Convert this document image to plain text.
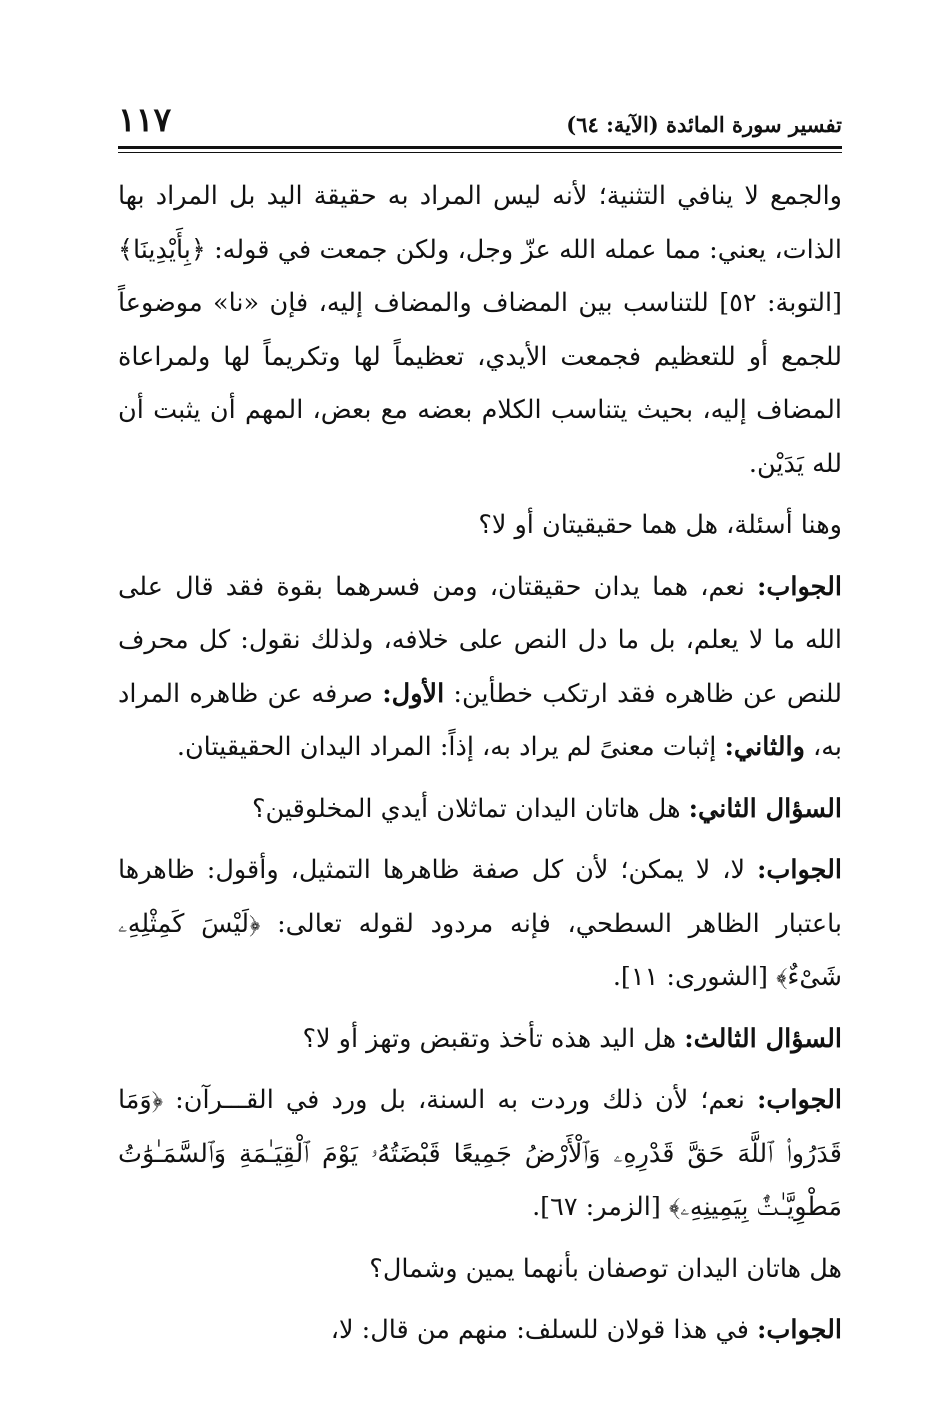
تفسير سورة المائدة (الآية: ٦٤)
١١٧

والجمع لا ينافي التثنية؛ لأنه ليس المراد به حقيقة اليد بل المراد بها الذات، يعني: مما عمله الله عزّ وجل، ولكن جمعت في قوله: ﴿بِأَيْدِينَا﴾ [التوبة: ٥٢] للتناسب بين المضاف والمضاف إليه، فإن «نا» موضوعاً للجمع أو للتعظيم فجمعت الأيدي، تعظيماً لها وتكريماً لها ولمراعاة المضاف إليه، بحيث يتناسب الكلام بعضه مع بعض، المهم أن يثبت أن لله يَدَيْن.

وهنا أسئلة، هل هما حقيقيتان أو لا؟

الجواب: نعم، هما يدان حقيقتان، ومن فسرهما بقوة فقد قال على الله ما لا يعلم، بل ما دل النص على خلافه، ولذلك نقول: كل محرف للنص عن ظاهره فقد ارتكب خطأين: الأول: صرفه عن ظاهره المراد به، والثاني: إثبات معنىً لم يراد به، إذاً: المراد اليدان الحقيقيتان.

السؤال الثاني: هل هاتان اليدان تماثلان أيدي المخلوقين؟

الجواب: لا، لا يمكن؛ لأن كل صفة ظاهرها التمثيل، وأقول: ظاهرها باعتبار الظاهر السطحي، فإنه مردود لقوله تعالى: ﴿لَيْسَ كَمِثْلِهِۦ شَىْءٌ﴾ [الشورى: ١١].

السؤال الثالث: هل اليد هذه تأخذ وتقبض وتهز أو لا؟

الجواب: نعم؛ لأن ذلك وردت به السنة، بل ورد في القـــرآن: ﴿وَمَا قَدَرُوا۟ ٱللَّهَ حَقَّ قَدْرِهِۦ وَٱلْأَرْضُ جَمِيعًا قَبْضَتُهُۥ يَوْمَ ٱلْقِيَـٰمَةِ وَٱلسَّمَـٰوَٰتُ مَطْوِيَّـٰتٌۢ بِيَمِينِهِۦ﴾ [الزمر: ٦٧].

هل هاتان اليدان توصفان بأنهما يمين وشمال؟

الجواب: في هذا قولان للسلف: منهم من قال: لا،
